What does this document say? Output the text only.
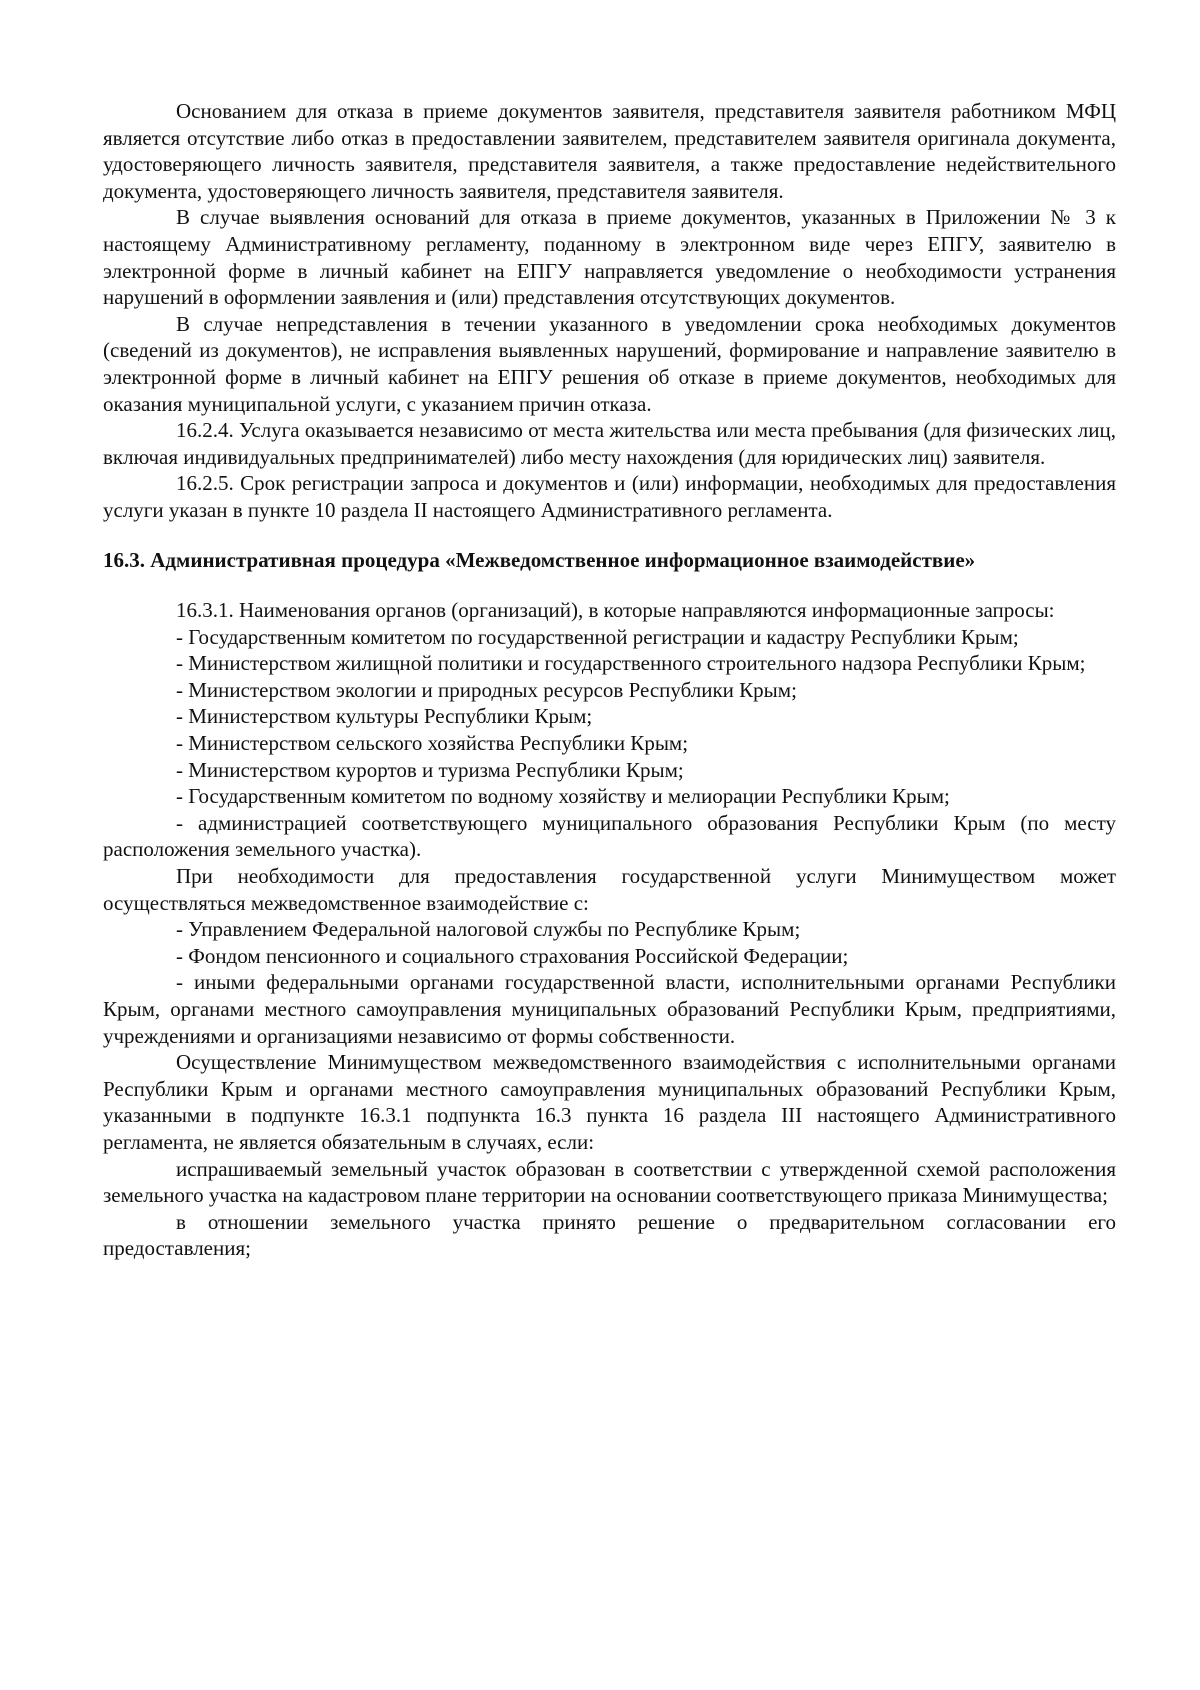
Основанием для отказа в приеме документов заявителя, представителя заявителя работником МФЦ является отсутствие либо отказ в предоставлении заявителем, представителем заявителя оригинала документа, удостоверяющего личность заявителя, представителя заявителя, а также предоставление недействительного документа, удостоверяющего личность заявителя, представителя заявителя.

В случае выявления оснований для отказа в приеме документов, указанных в Приложении № 3 к настоящему Административному регламенту, поданному в электронном виде через ЕПГУ, заявителю в электронной форме в личный кабинет на ЕПГУ направляется уведомление о необходимости устранения нарушений в оформлении заявления и (или) представления отсутствующих документов.

В случае непредставления в течении указанного в уведомлении срока необходимых документов (сведений из документов), не исправления выявленных нарушений, формирование и направление заявителю в электронной форме в личный кабинет на ЕПГУ решения об отказе в приеме документов, необходимых для оказания муниципальной услуги, с указанием причин отказа.

16.2.4. Услуга оказывается независимо от места жительства или места пребывания (для физических лиц, включая индивидуальных предпринимателей) либо месту нахождения (для юридических лиц) заявителя.

16.2.5. Срок регистрации запроса и документов и (или) информации, необходимых для предоставления услуги указан в пункте 10 раздела II настоящего Административного регламента.

16.3. Административная процедура «Межведомственное информационное взаимодействие»

16.3.1. Наименования органов (организаций), в которые направляются информационные запросы:

- Государственным комитетом по государственной регистрации и кадастру Республики Крым;

- Министерством жилищной политики и государственного строительного надзора Республики Крым;

- Министерством экологии и природных ресурсов Республики Крым;

- Министерством культуры Республики Крым;

- Министерством сельского хозяйства Республики Крым;

- Министерством курортов и туризма Республики Крым;

- Государственным комитетом по водному хозяйству и мелиорации Республики Крым;

- администрацией соответствующего муниципального образования Республики Крым (по месту расположения земельного участка).

При необходимости для предоставления государственной услуги Минимуществом может осуществляться межведомственное взаимодействие с:

- Управлением Федеральной налоговой службы по Республике Крым;

- Фондом пенсионного и социального страхования Российской Федерации;

- иными федеральными органами государственной власти, исполнительными органами Республики Крым, органами местного самоуправления муниципальных образований Республики Крым, предприятиями, учреждениями и организациями независимо от формы собственности.

Осуществление Минимуществом межведомственного взаимодействия с исполнительными органами Республики Крым и органами местного самоуправления муниципальных образований Республики Крым, указанными в подпункте 16.3.1 подпункта 16.3 пункта 16 раздела III настоящего Административного регламента, не является обязательным в случаях, если:

испрашиваемый земельный участок образован в соответствии с утвержденной схемой расположения земельного участка на кадастровом плане территории на основании соответствующего приказа Минимущества;

в отношении земельного участка принято решение о предварительном согласовании его предоставления;
